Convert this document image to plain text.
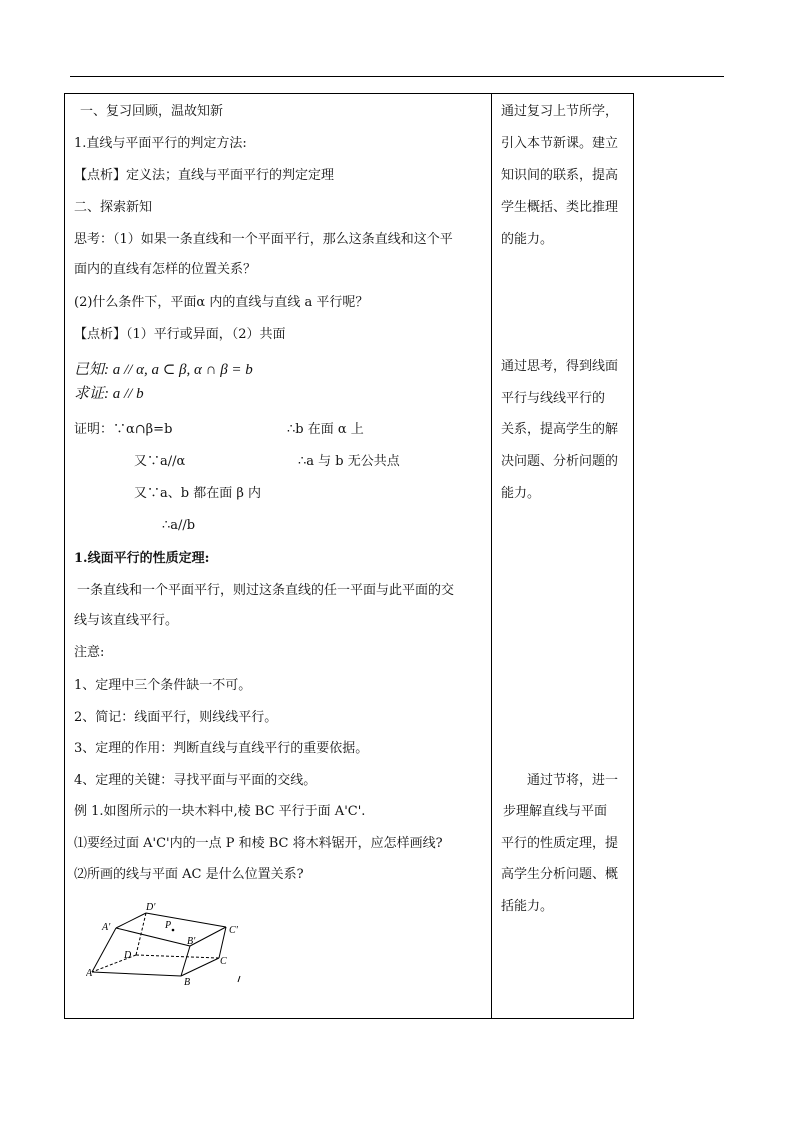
一、复习回顾，温故知新
1.直线与平面平行的判定方法:
【点析】定义法；直线与平面平行的判定定理
二、探索新知
思考：（1）如果一条直线和一个平面平行，那么这条直线和这个平
面内的直线有怎样的位置关系？
(2)什么条件下，平面α 内的直线与直线 a 平行呢？
【点析】（1）平行或异面，（2）共面
已知: a // α, a ⊂ β, α ∩ β = b
求证: a // b
证明：∵α∩β=b	∴b 在面 α 上
又∵a//α	∴a 与 b 无公共点
又∵a、b 都在面 β 内
∴a//b
1.线面平行的性质定理:
一条直线和一个平面平行，则过这条直线的任一平面与此平面的交
线与该直线平行。
注意:
1、定理中三个条件缺一不可。
2、简记：线面平行，则线线平行。
3、定理的作用：判断直线与直线平行的重要依据。
4、定理的关键：寻找平面与平面的交线。
例 1.如图所示的一块木料中,棱 BC 平行于面 A'C'.
⑴要经过面 A'C'内的一点 P 和棱 BC 将木料锯开，应怎样画线?
⑵所画的线与平面 AC 是什么位置关系?
D'
A'	P
B'
C'
D
A
B
C
通过复习上节所学，
引入本节新课。建立
知识间的联系，提高
学生概括、类比推理
的能力。
通过思考，得到线面
平行与线线平行的
关系，提高学生的解
决问题、分析问题的
能力。
通过节将，进一
步理解直线与平面
平行的性质定理，提
高学生分析问题、概
括能力。
